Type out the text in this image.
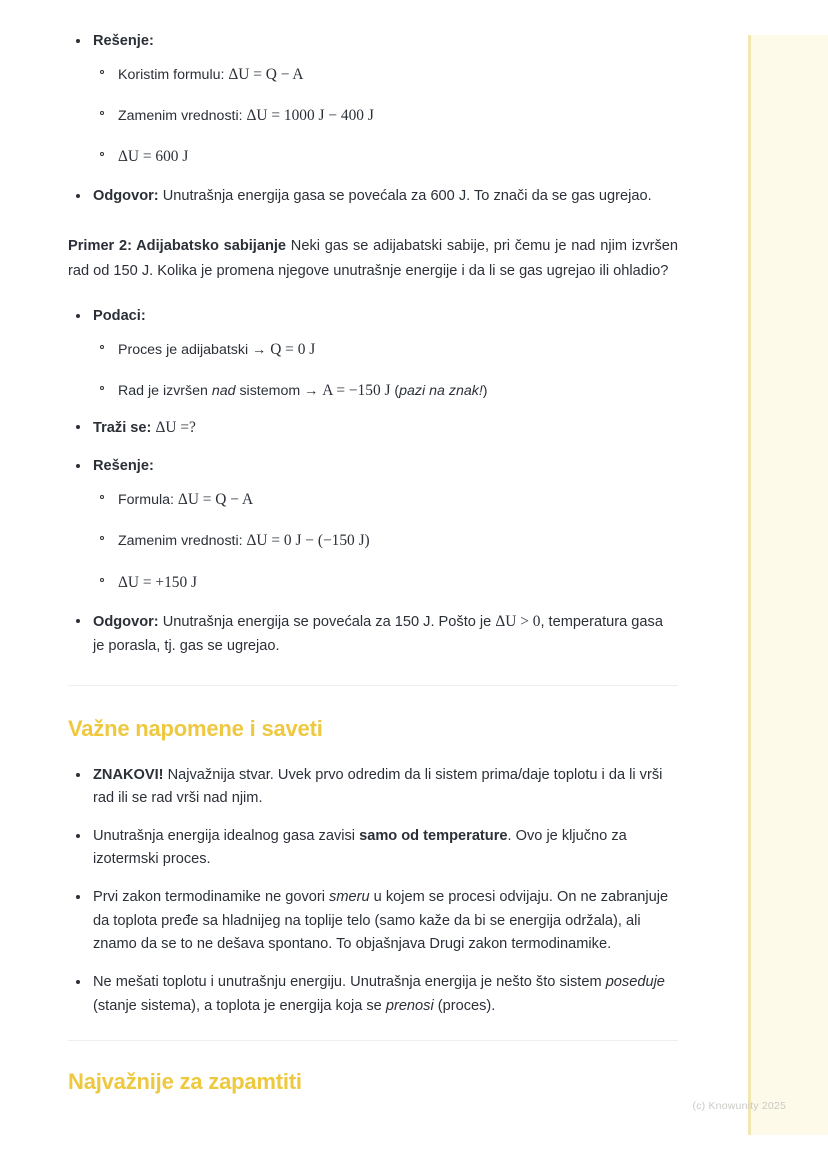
Rešenje:
Koristim formulu: ΔU = Q − A
Zamenim vrednosti: ΔU = 1000 J − 400 J
ΔU = 600 J
Odgovor: Unutrašnja energija gasa se povećala za 600 J. To znači da se gas ugrejao.

Primer 2: Adijabatsko sabijanje Neki gas se adijabatski sabije, pri čemu je nad njim izvršen rad od 150 J. Kolika je promena njegove unutrašnje energije i da li se gas ugrejao ili ohladio?

Podaci:
Proces je adijabatski → Q = 0 J
Rad je izvršen nad sistemom → A = −150 J (pazi na znak!)
Traži se: ΔU =?
Rešenje:
Formula: ΔU = Q − A
Zamenim vrednosti: ΔU = 0 J − (−150 J)
ΔU = +150 J
Odgovor: Unutrašnja energija se povećala za 150 J. Pošto je ΔU > 0, temperatura gasa je porasla, tj. gas se ugrejao.
Važne napomene i saveti
ZNAKOVI! Najvažnija stvar. Uvek prvo odredim da li sistem prima/daje toplotu i da li vrši rad ili se rad vrši nad njim.
Unutrašnja energija idealnog gasa zavisi samo od temperature. Ovo je ključno za izotermski proces.
Prvi zakon termodinamike ne govori smeru u kojem se procesi odvijaju. On ne zabranjuje da toplota pređe sa hladnijeg na toplije telo (samo kaže da bi se energija održala), ali znamo da se to ne dešava spontano. To objašnjava Drugi zakon termodinamike.
Ne mešati toplotu i unutrašnju energiju. Unutrašnja energija je nešto što sistem poseduje (stanje sistema), a toplota je energija koja se prenosi (proces).
Najvažnije za zapamtiti
(c) Knowunity 2025
